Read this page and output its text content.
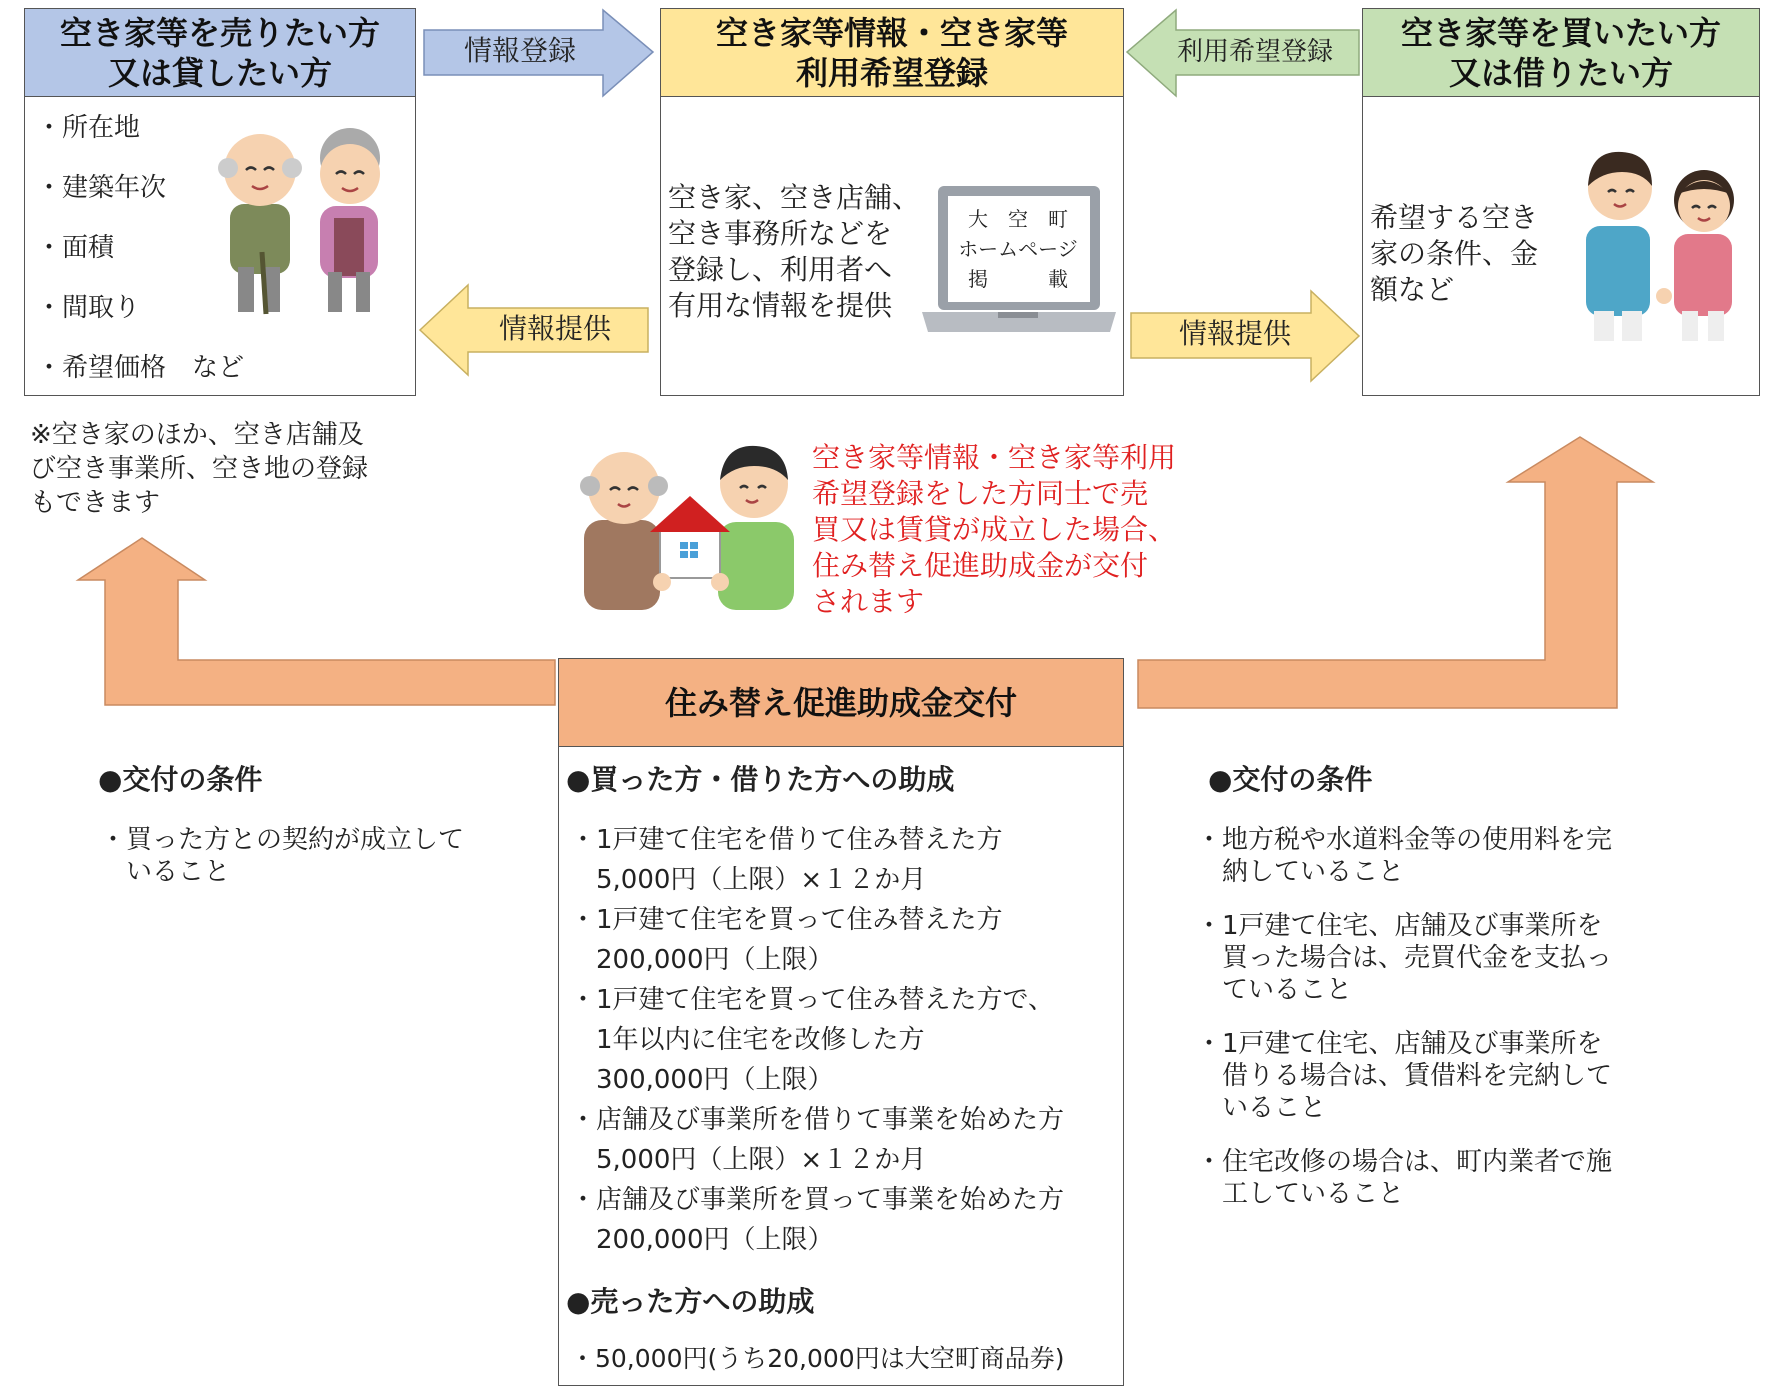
情報登録	利用希望登録
情報提供	情報提供
空き家等を売りたい方
又は貸したい方
・所在地
・建築年次
・面積
・間取り
・希望価格　など
※空き家のほか、空き店舗及
び空き事業所、空き地の登録
もできます
空き家等情報・空き家等
利用希望登録
空き家、空き店舗、
空き事務所などを
登録し、利用者へ
有用な情報を提供
大　空　町
ホームページ
掲　　　載
空き家等を買いたい方
又は借りたい方
希望する空き
家の条件、金
額など
空き家等情報・空き家等利用
希望登録をした方同士で売
買又は賃貸が成立した場合、
住み替え促進助成金が交付
されます
住み替え促進助成金交付
●買った方・借りた方への助成
・1戸建て住宅を借りて住み替えた方
　5,000円（上限）×１２か月
・1戸建て住宅を買って住み替えた方
　200,000円（上限）
・1戸建て住宅を買って住み替えた方で、
　1年以内に住宅を改修した方
　300,000円（上限）
・店舗及び事業所を借りて事業を始めた方
　5,000円（上限）×１２か月
・店舗及び事業所を買って事業を始めた方
　200,000円（上限）
●売った方への助成
・50,000円(うち20,000円は大空町商品券)
●交付の条件
・買った方との契約が成立して
　いること
●交付の条件
・地方税や水道料金等の使用料を完
　納していること
・1戸建て住宅、店舗及び事業所を
　買った場合は、売買代金を支払っ
　ていること
・1戸建て住宅、店舗及び事業所を
　借りる場合は、賃借料を完納して
　いること
・住宅改修の場合は、町内業者で施
　工していること
